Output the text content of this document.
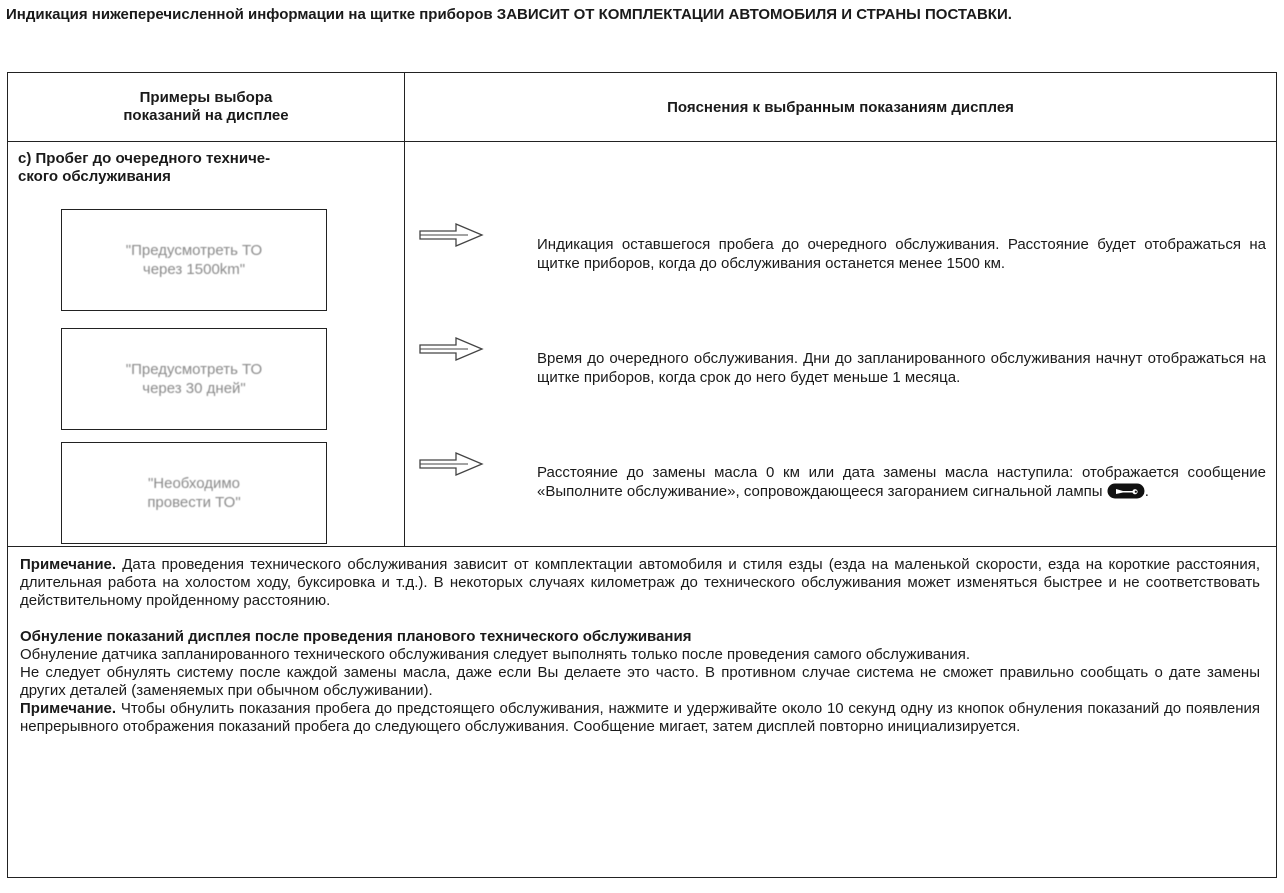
Индикация нижеперечисленной информации на щитке приборов ЗАВИСИТ ОТ КОМПЛЕКТАЦИИ АВТОМОБИЛЯ И СТРАНЫ ПОСТАВКИ.
Примеры выбора
показаний на дисплее	Пояснения к выбранным показаниям дисплея
c) Пробег до очередного техниче-
ского обслуживания
"Предусмотреть ТО
через 1500km"
"Предусмотреть ТО
через 30 дней"
"Необходимо
провести ТО"
Индикация оставшегося пробега до очередного обслуживания. Расстояние будет отображаться на щитке приборов, когда до обслуживания останется менее 1500 км.
Время до очередного обслуживания. Дни до запланированного обслуживания начнут отображаться на щитке приборов, когда срок до него будет меньше 1 месяца.
Расстояние до замены масла 0 км или дата замены масла наступила: отображается сообщение «Выполните обслуживание», сопровождающееся загоранием сигнальной лампы	.

Примечание. Дата проведения технического обслуживания зависит от комплектации автомобиля и стиля езды (езда на маленькой скорости, езда на короткие расстояния, длительная работа на холостом ходу, буксировка и т.д.). В некоторых случаях километраж до технического обслуживания может изменяться быстрее и не соответствовать действительному пройденному расстоянию.

Обнуление показаний дисплея после проведения планового технического обслуживания

Обнуление датчика запланированного технического обслуживания следует выполнять только после проведения самого обслуживания.

Не следует обнулять систему после каждой замены масла, даже если Вы делаете это часто. В противном случае система не сможет правильно сообщать о дате замены других деталей (заменяемых при обычном обслуживании).

Примечание. Чтобы обнулить показания пробега до предстоящего обслуживания, нажмите и удерживайте около 10 секунд одну из кнопок обнуления показаний до появления непрерывного отображения показаний пробега до следующего обслуживания. Сообщение мигает, затем дисплей повторно инициализируется.
